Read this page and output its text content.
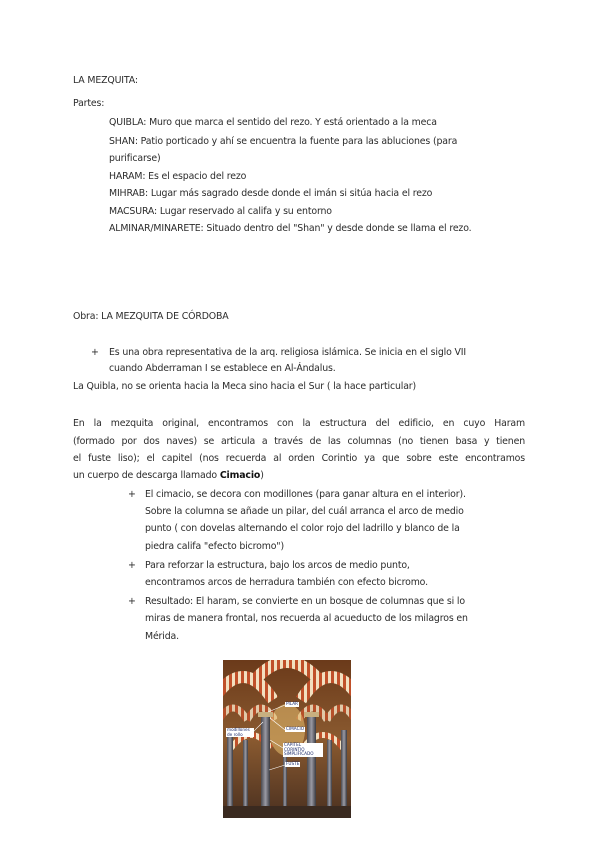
LA MEZQUITA:
Partes:
QUIBLA: Muro que marca el sentido del rezo. Y está orientado a la meca
SHAN: Patio porticado y ahí se encuentra la fuente para las abluciones (para
purificarse)
HARAM: Es el espacio del rezo
MIHRAB: Lugar más sagrado desde donde el imán si sitúa hacia el rezo
MACSURA: Lugar reservado al califa y su entorno
ALMINAR/MINARETE: Situado dentro del "Shan" y desde donde se llama el rezo.
Obra: LA MEZQUITA DE CÓRDOBA
+ Es una obra representativa de la arq. religiosa islámica. Se inicia en el siglo VII
cuando Abderraman I se establece en Al-Ándalus.
La Quibla, no se orienta hacia la Meca sino hacia el Sur ( la hace particular)
En la mezquita original, encontramos con la estructura del edificio, en cuyo Haram
(formado por dos naves) se articula a través de las columnas (no tienen basa y tienen
el fuste liso); el capitel (nos recuerda al orden Corintio ya que sobre este encontramos
un cuerpo de descarga llamado Cimacio)
+ El cimacio, se decora con modillones (para ganar altura en el interior).
Sobre la columna se añade un pilar, del cuál arranca el arco de medio
punto ( con dovelas alternando el color rojo del ladrillo y blanco de la
piedra califa "efecto bicromo")
+ Para reforzar la estructura, bajo los arcos de medio punto,
encontramos arcos de herradura también con efecto bicromo.
+ Resultado: El haram, se convierte en un bosque de columnas que si lo
miras de manera frontal, nos recuerda al acueducto de los milagros en
Mérida.
PILAR
modillones de rollo
CIMACIO
CAPITEL CORINTIO SIMPLIFICADO
FUSTE
